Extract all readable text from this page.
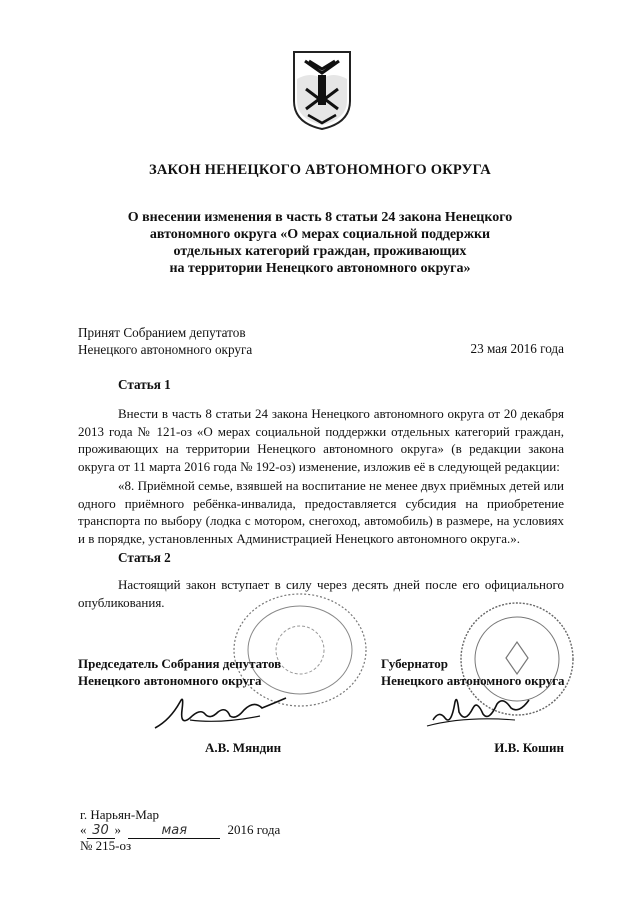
ЗАКОН НЕНЕЦКОГО АВТОНОМНОГО ОКРУГА
О внесении изменения в часть 8 статьи 24 закона Ненецкого
автономного округа «О мерах социальной поддержки
отдельных категорий граждан, проживающих
на территории Ненецкого автономного округа»
Принят Собранием депутатов
Ненецкого автономного округа	23 мая 2016 года
Статья 1
Внести в часть 8 статьи 24 закона Ненецкого автономного округа от 20 декабря 2013 года № 121-оз «О мерах социальной поддержки отдельных категорий граждан, проживающих на территории Ненецкого автономного округа» (в редакции закона округа от 11 марта 2016 года № 192-оз) изменение, изложив её в следующей редакции:
«8. Приёмной семье, взявшей на воспитание не менее двух приёмных детей или одного приёмного ребёнка-инвалида, предоставляется субсидия на приобретение транспорта по выбору (лодка с мотором, снегоход, автомобиль) в размере, на условиях и в порядке, установленных Администрацией Ненецкого автономного округа.».
Статья 2
Настоящий закон вступает в силу через десять дней после его официального опубликования.
Председатель Собрания депутатов
Ненецкого автономного округа
Губернатор
Ненецкого автономного округа
А.В. Мяндин	И.В. Кошин
г. Нарьян-Мар
« 30 »	мая	2016 года
№ 215-оз
